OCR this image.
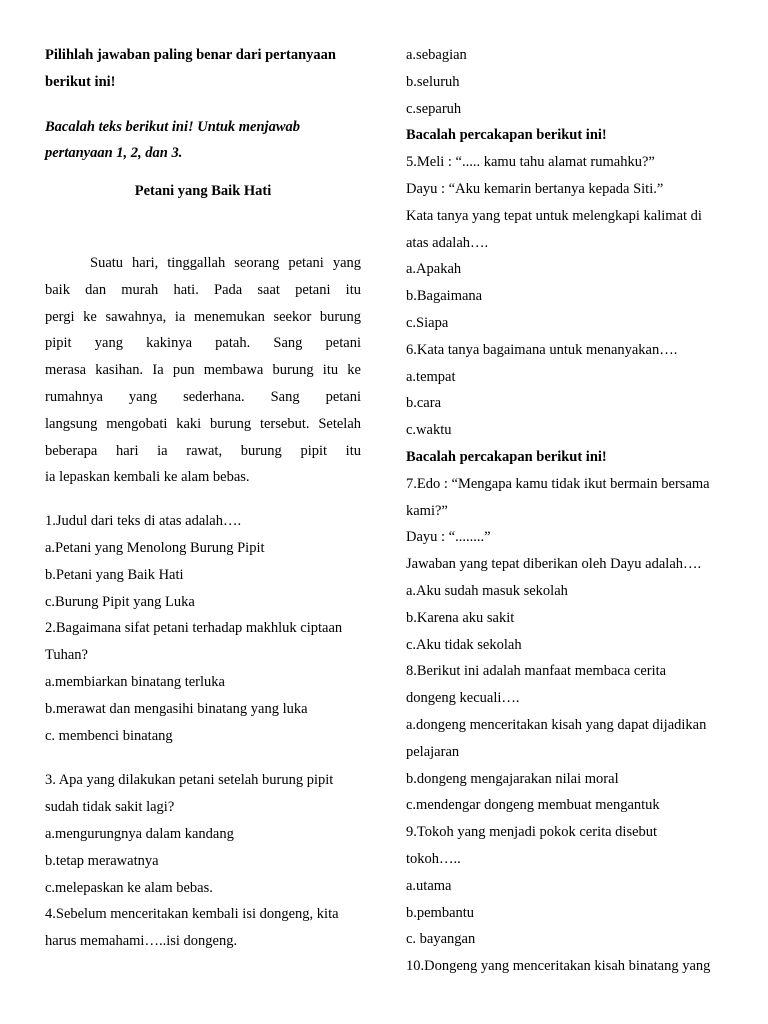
Pilihlah jawaban paling benar dari pertanyaan
berikut ini!
Bacalah teks berikut ini! Untuk menjawab
pertanyaan 1, 2, dan 3.
Petani yang Baik Hati
Suatu hari, tinggallah seorang petani yang
baik dan murah hati. Pada saat petani itu
pergi ke sawahnya, ia menemukan seekor burung
pipit yang kakinya patah. Sang petani
merasa kasihan. Ia pun membawa burung itu ke
rumahnya yang sederhana. Sang petani
langsung mengobati kaki burung tersebut. Setelah
beberapa hari ia rawat, burung pipit itu
ia lepaskan kembali ke alam bebas.
1.Judul dari teks di atas adalah….
a.Petani yang Menolong Burung Pipit
b.Petani yang Baik Hati
c.Burung Pipit yang Luka
2.Bagaimana sifat petani terhadap makhluk ciptaan
Tuhan?
a.membiarkan binatang terluka
b.merawat dan mengasihi binatang yang luka
c. membenci binatang
3. Apa yang dilakukan petani setelah burung pipit
sudah tidak sakit lagi?
a.mengurungnya dalam kandang
b.tetap merawatnya
c.melepaskan ke alam bebas.
4.Sebelum menceritakan kembali isi dongeng, kita
harus memahami…..isi dongeng.
a.sebagian
b.seluruh
c.separuh
Bacalah percakapan berikut ini!
5.Meli : “..... kamu tahu alamat rumahku?”
Dayu : “Aku kemarin bertanya kepada Siti.”
Kata tanya yang tepat untuk melengkapi kalimat di
atas adalah….
a.Apakah
b.Bagaimana
c.Siapa
6.Kata tanya bagaimana untuk menanyakan….
a.tempat
b.cara
c.waktu
Bacalah percakapan berikut ini!
7.Edo : “Mengapa kamu tidak ikut bermain bersama
kami?”
Dayu : “........”
Jawaban yang tepat diberikan oleh Dayu adalah….
a.Aku sudah masuk sekolah
b.Karena aku sakit
c.Aku tidak sekolah
8.Berikut ini adalah manfaat membaca cerita
dongeng kecuali….
a.dongeng menceritakan kisah yang dapat dijadikan
pelajaran
b.dongeng mengajarakan nilai moral
c.mendengar dongeng membuat mengantuk
9.Tokoh yang menjadi pokok cerita disebut
tokoh…..
a.utama
b.pembantu
c. bayangan
10.Dongeng yang menceritakan kisah binatang yang
